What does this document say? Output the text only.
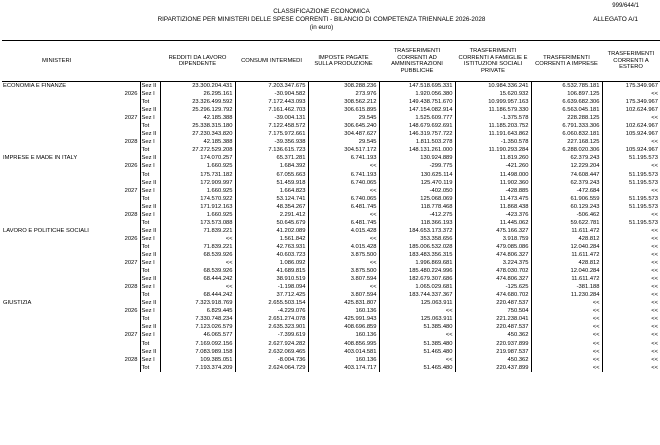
999/644/1
CLASSIFICAZIONE ECONOMICA
RIPARTIZIONE PER MINISTERI DELLE SPESE CORRENTI - BILANCIO DI COMPETENZA TRIENNALE 2026-2028
(in euro)
ALLEGATO A/1
MINISTERI			REDDITI DA LAVORO DIPENDENTE	CONSUMI INTERMEDI	IMPOSTE PAGATE SULLA PRODUZIONE	TRASFERIMENTI CORRENTI AD AMMINISTRAZIONI PUBBLICHE	TRASFERIMENTI CORRENTI A FAMIGLIE E ISTITUZIONI SOCIALI PRIVATE	TRASFERIMENTI CORRENTI A IMPRESE	TRASFERIMENTI CORRENTI A ESTERO
ECONOMIA E FINANZE		Sez II	23.300.204.431	7.203.347.675	308.288.236	147.518.695.331	10.984.336.241	6.532.785.181	175.349.967
	2026	Sez I	26.295.161	-30.904.582	273.976	1.920.056.380	15.620.932	106.897.125	<<
		Tot	23.326.499.592	7.172.443.093	308.562.212	149.438.751.670	10.999.957.163	6.639.682.306	175.349.967
		Sez II	25.296.129.792	7.161.462.703	306.615.895	147.154.082.914	11.186.579.330	6.563.045.181	102.624.967
	2027	Sez I	42.185.388	-39.004.131	29.545	1.525.609.777	-1.375.578	228.288.125	<<
		Tot	25.338.315.180	7.122.458.572	306.645.240	148.679.692.691	11.185.203.752	6.791.333.306	102.624.967
		Sez II	27.230.343.820	7.175.972.661	304.487.627	146.319.757.722	11.191.643.862	6.060.832.181	105.924.967
	2028	Sez I	42.185.388	-39.356.938	29.545	1.811.503.278	-1.350.578	227.168.125	<<
		Tot	27.272.529.208	7.136.615.723	304.517.172	148.131.261.000	11.190.293.284	6.288.020.306	105.924.967
IMPRESE E MADE IN ITALY		Sez II	174.070.257	65.371.281	6.741.193	130.924.889	11.819.260	62.379.243	51.195.573
	2026	Sez I	1.660.925	1.684.392	<<	-299.775	-421.260	12.229.204	<<
		Tot	175.731.182	67.055.663	6.741.193	130.625.114	11.498.000	74.608.447	51.195.573
		Sez II	172.909.997	51.459.918	6.740.065	125.470.119	11.902.360	62.379.243	51.195.573
	2027	Sez I	1.660.925	1.664.823	<<	-402.050	-428.885	-472.684	<<
		Tot	174.570.922	53.124.741	6.740.065	125.068.069	11.473.475	61.906.559	51.195.573
		Sez II	171.912.163	48.354.267	6.481.745	118.778.468	11.868.438	60.129.243	51.195.573
	2028	Sez I	1.660.925	2.291.412	<<	-412.275	-423.376	-506.462	<<
		Tot	173.573.088	50.645.679	6.481.745	118.366.193	11.445.062	59.622.781	51.195.573
LAVORO E POLITICHE SOCIALI		Sez II	71.839.221	41.202.089	4.015.428	184.653.173.372	475.166.327	11.611.472	<<
	2026	Sez I	<<	1.561.842	<<	353.358.656	3.918.759	428.812	<<
		Tot	71.839.221	42.763.931	4.015.428	185.006.532.028	479.085.086	12.040.284	<<
		Sez II	68.539.926	40.603.723	3.875.500	183.483.356.315	474.806.327	11.611.472	<<
	2027	Sez I	<<	1.086.092	<<	1.996.869.681	3.224.375	428.812	<<
		Tot	68.539.926	41.689.815	3.875.500	185.480.224.996	478.030.702	12.040.284	<<
		Sez II	68.444.242	38.910.519	3.807.594	182.679.307.686	474.806.327	11.611.472	<<
	2028	Sez I	<<	-1.198.094	<<	1.065.029.681	-125.625	-381.188	<<
		Tot	68.444.242	37.712.425	3.807.594	183.744.337.367	474.680.702	11.230.284	<<
GIUSTIZIA		Sez II	7.323.918.769	2.655.503.154	425.831.807	125.063.911	220.487.537	<<	<<
	2026	Sez I	6.829.445	-4.229.076	160.136	<<	750.504	<<	<<
		Tot	7.330.748.234	2.651.274.078	425.991.943	125.063.911	221.238.041	<<	<<
		Sez II	7.123.026.579	2.635.323.901	408.696.859	51.385.480	220.487.537	<<	<<
	2027	Sez I	46.065.577	-7.399.619	160.136	<<	450.362	<<	<<
		Tot	7.169.092.156	2.627.924.282	408.856.995	51.385.480	220.937.899	<<	<<
		Sez II	7.083.989.158	2.632.069.465	403.014.581	51.465.480	219.987.537	<<	<<
	2028	Sez I	109.385.051	-8.004.736	160.136	<<	450.362	<<	<<
		Tot	7.193.374.209	2.624.064.729	403.174.717	51.465.480	220.437.899	<<	<<
